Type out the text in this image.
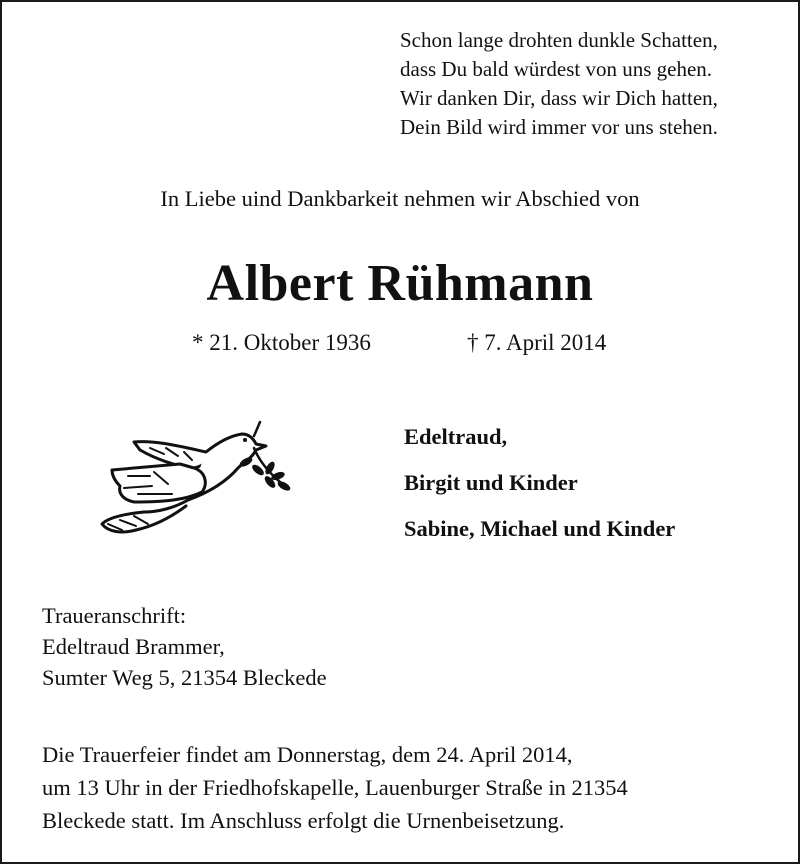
Schon lange drohten dunkle Schatten,
dass Du bald würdest von uns gehen.
Wir danken Dir, dass wir Dich hatten,
Dein Bild wird immer vor uns stehen.
In Liebe uind Dankbarkeit nehmen wir Abschied von
Albert Rühmann
* 21. Oktober 1936	† 7. April 2014
Edeltraud,
Birgit und Kinder
Sabine, Michael und Kinder
Traueranschrift:
Edeltraud Brammer,
Sumter Weg 5, 21354 Bleckede
Die Trauerfeier findet am Donnerstag, dem 24. April 2014,
um 13 Uhr in der Friedhofskapelle, Lauenburger Straße in 21354
Bleckede statt. Im Anschluss erfolgt die Urnenbeisetzung.
